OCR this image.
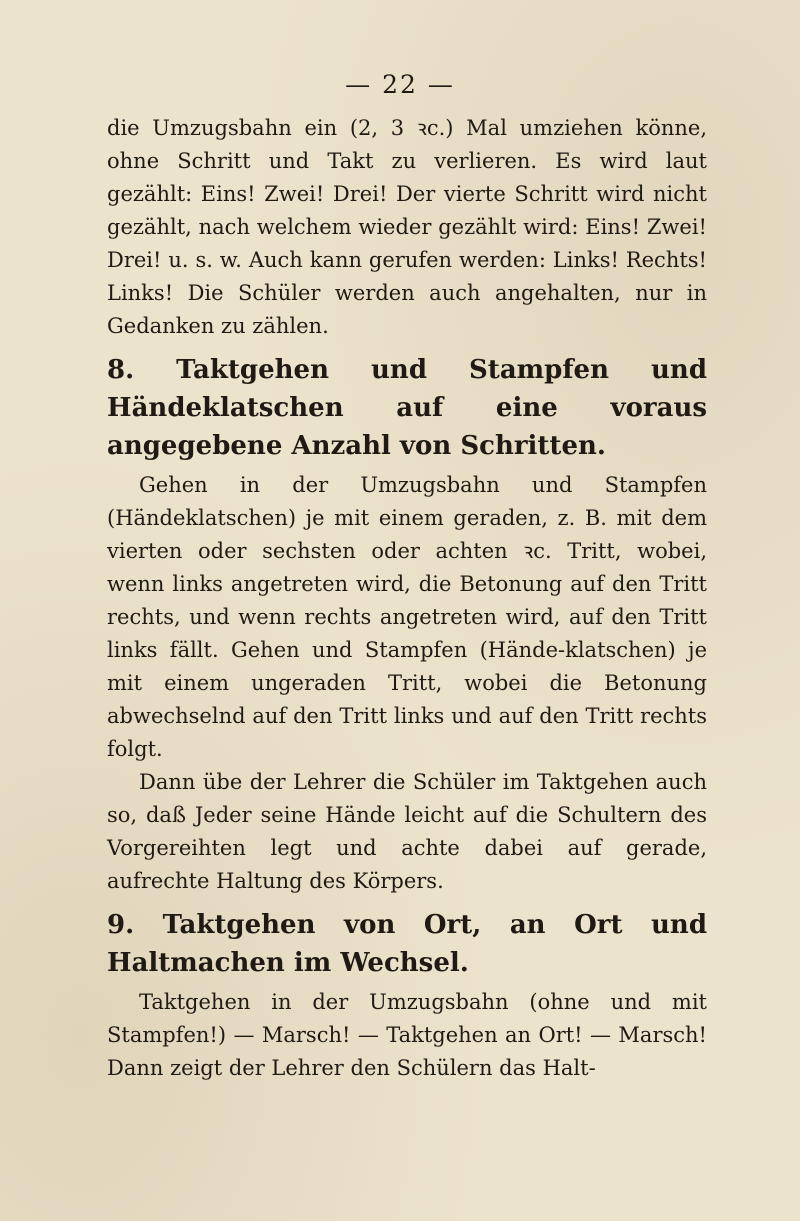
— 22 —

die Umzugsbahn ein (2, 3 ꝛc.) Mal umziehen könne, ohne Schritt und Takt zu verlieren. Es wird laut gezählt: Eins! Zwei! Drei! Der vierte Schritt wird nicht gezählt, nach welchem wieder gezählt wird: Eins! Zwei! Drei! u. s. w. Auch kann gerufen werden: Links! Rechts! Links! Die Schüler werden auch angehalten, nur in Gedanken zu zählen.

8. Taktgehen und Stampfen und Händeklatschen auf eine voraus angegebene Anzahl von Schritten.

Gehen in der Umzugsbahn und Stampfen (Händeklatschen) je mit einem geraden, z. B. mit dem vierten oder sechsten oder achten ꝛc. Tritt, wobei, wenn links angetreten wird, die Betonung auf den Tritt rechts, und wenn rechts angetreten wird, auf den Tritt links fällt. Gehen und Stampfen (Hände-klatschen) je mit einem ungeraden Tritt, wobei die Betonung abwechselnd auf den Tritt links und auf den Tritt rechts folgt.

Dann übe der Lehrer die Schüler im Taktgehen auch so, daß Jeder seine Hände leicht auf die Schultern des Vorgereihten legt und achte dabei auf gerade, aufrechte Haltung des Körpers.

9. Taktgehen von Ort, an Ort und Haltmachen im Wechsel.

Taktgehen in der Umzugsbahn (ohne und mit Stampfen!) — Marsch! — Taktgehen an Ort! — Marsch! Dann zeigt der Lehrer den Schülern das Halt-
